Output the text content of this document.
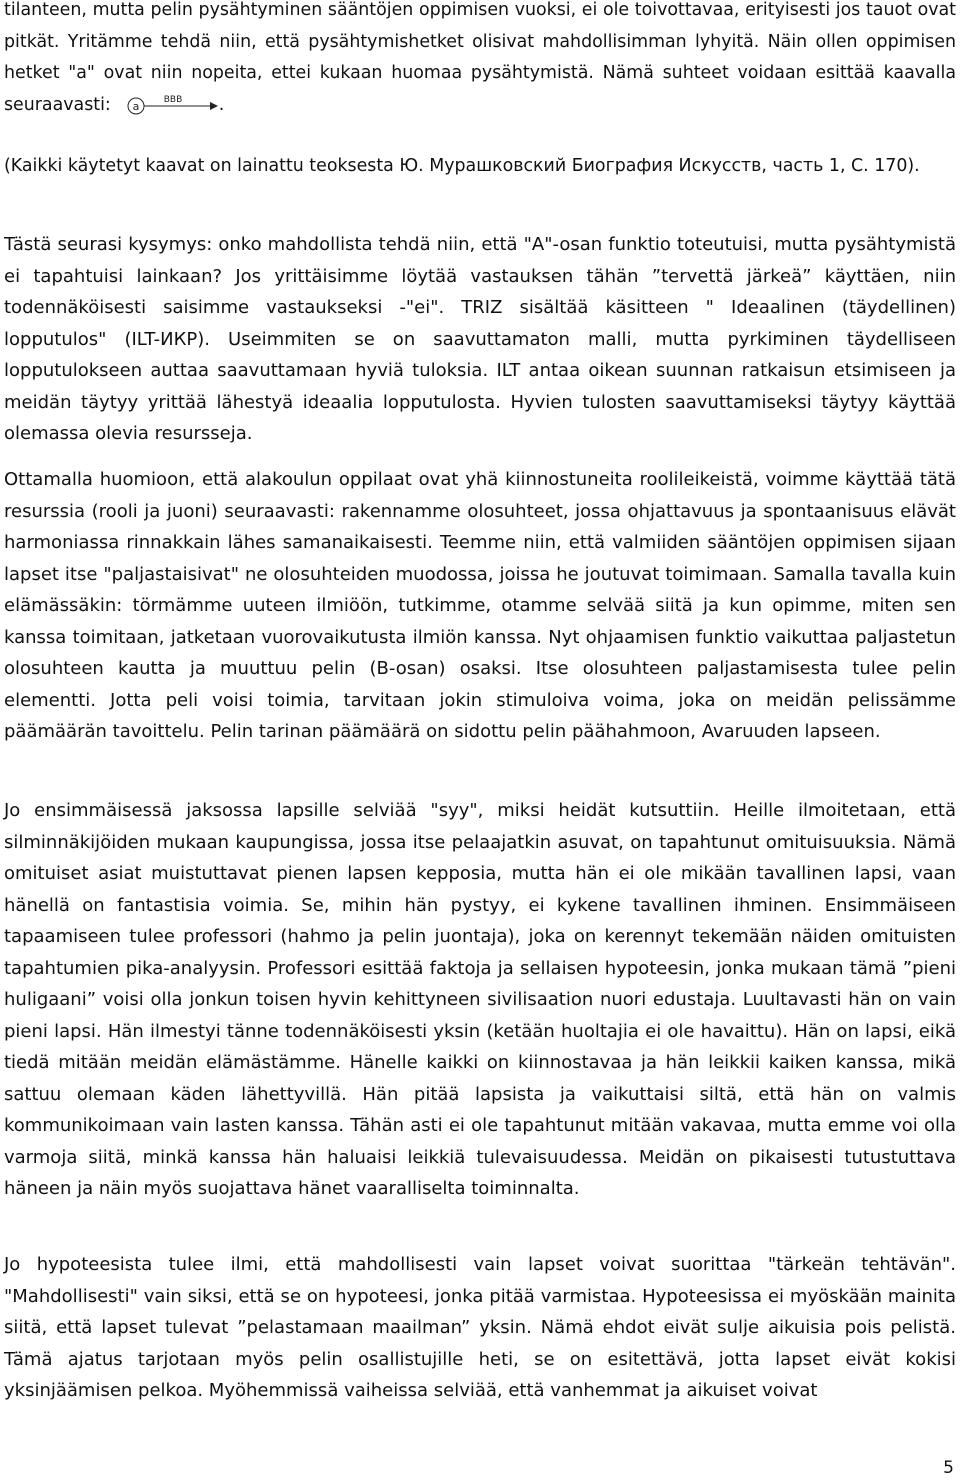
tilanteen, mutta pelin pysähtyminen sääntöjen oppimisen vuoksi, ei ole toivottavaa, erityisesti jos tauot ovat pitkät. Yritämme tehdä niin, että pysähtymishetket olisivat mahdollisimman lyhyitä. Näin ollen oppimisen hetket "a" ovat niin nopeita, ettei kukaan huomaa pysähtymistä. Nämä suhteet voidaan esittää kaavalla seuraavasti: a	BBB .

(Kaikki käytetyt kaavat on lainattu teoksesta Ю. Мурашковский Биография Искусств, часть 1, С. 170).

Tästä seurasi kysymys: onko mahdollista tehdä niin, että "A"-osan funktio toteutuisi, mutta pysähtymistä ei tapahtuisi lainkaan? Jos yrittäisimme löytää vastauksen tähän ”tervettä järkeä” käyttäen, niin todennäköisesti saisimme vastaukseksi -"ei". TRIZ sisältää käsitteen " Ideaalinen (täydellinen) lopputulos" (ILT-ИКР). Useimmiten se on saavuttamaton malli, mutta pyrkiminen täydelliseen lopputulokseen auttaa saavuttamaan hyviä tuloksia. ILT antaa oikean suunnan ratkaisun etsimiseen ja meidän täytyy yrittää lähestyä ideaalia lopputulosta. Hyvien tulosten saavuttamiseksi täytyy käyttää olemassa olevia resursseja.

Ottamalla huomioon, että alakoulun oppilaat ovat yhä kiinnostuneita roolileikeistä, voimme käyttää tätä resurssia (rooli ja juoni) seuraavasti: rakennamme olosuhteet, jossa ohjattavuus ja spontaanisuus elävät harmoniassa rinnakkain lähes samanaikaisesti. Teemme niin, että valmiiden sääntöjen oppimisen sijaan lapset itse "paljastaisivat" ne olosuhteiden muodossa, joissa he joutuvat toimimaan. Samalla tavalla kuin elämässäkin: törmämme uuteen ilmiöön, tutkimme, otamme selvää siitä ja kun opimme, miten sen kanssa toimitaan, jatketaan vuorovaikutusta ilmiön kanssa. Nyt ohjaamisen funktio vaikuttaa paljastetun olosuhteen kautta ja muuttuu pelin (B-osan) osaksi. Itse olosuhteen paljastamisesta tulee pelin elementti. Jotta peli voisi toimia, tarvitaan jokin stimuloiva voima, joka on meidän pelissämme päämäärän tavoittelu. Pelin tarinan päämäärä on sidottu pelin päähahmoon, Avaruuden lapseen.

Jo ensimmäisessä jaksossa lapsille selviää "syy", miksi heidät kutsuttiin. Heille ilmoitetaan, että silminnäkijöiden mukaan kaupungissa, jossa itse pelaajatkin asuvat, on tapahtunut omituisuuksia. Nämä omituiset asiat muistuttavat pienen lapsen kepposia, mutta hän ei ole mikään tavallinen lapsi, vaan hänellä on fantastisia voimia. Se, mihin hän pystyy, ei kykene tavallinen ihminen. Ensimmäiseen tapaamiseen tulee professori (hahmo ja pelin juontaja), joka on kerennyt tekemään näiden omituisten tapahtumien pika-analyysin. Professori esittää faktoja ja sellaisen hypoteesin, jonka mukaan tämä ”pieni huligaani” voisi olla jonkun toisen hyvin kehittyneen sivilisaation nuori edustaja. Luultavasti hän on vain pieni lapsi. Hän ilmestyi tänne todennäköisesti yksin (ketään huoltajia ei ole havaittu). Hän on lapsi, eikä tiedä mitään meidän elämästämme. Hänelle kaikki on kiinnostavaa ja hän leikkii kaiken kanssa, mikä sattuu olemaan käden lähettyvillä. Hän pitää lapsista ja vaikuttaisi siltä, että hän on valmis kommunikoimaan vain lasten kanssa. Tähän asti ei ole tapahtunut mitään vakavaa, mutta emme voi olla varmoja siitä, minkä kanssa hän haluaisi leikkiä tulevaisuudessa. Meidän on pikaisesti tutustuttava häneen ja näin myös suojattava hänet vaaralliselta toiminnalta.

Jo hypoteesista tulee ilmi, että mahdollisesti vain lapset voivat suorittaa "tärkeän tehtävän". "Mahdollisesti" vain siksi, että se on hypoteesi, jonka pitää varmistaa. Hypoteesissa ei myöskään mainita siitä, että lapset tulevat ”pelastamaan maailman” yksin. Nämä ehdot eivät sulje aikuisia pois pelistä. Tämä ajatus tarjotaan myös pelin osallistujille heti, se on esitettävä, jotta lapset eivät kokisi yksinjäämisen pelkoa. Myöhemmissä vaiheissa selviää, että vanhemmat ja aikuiset voivat

5
